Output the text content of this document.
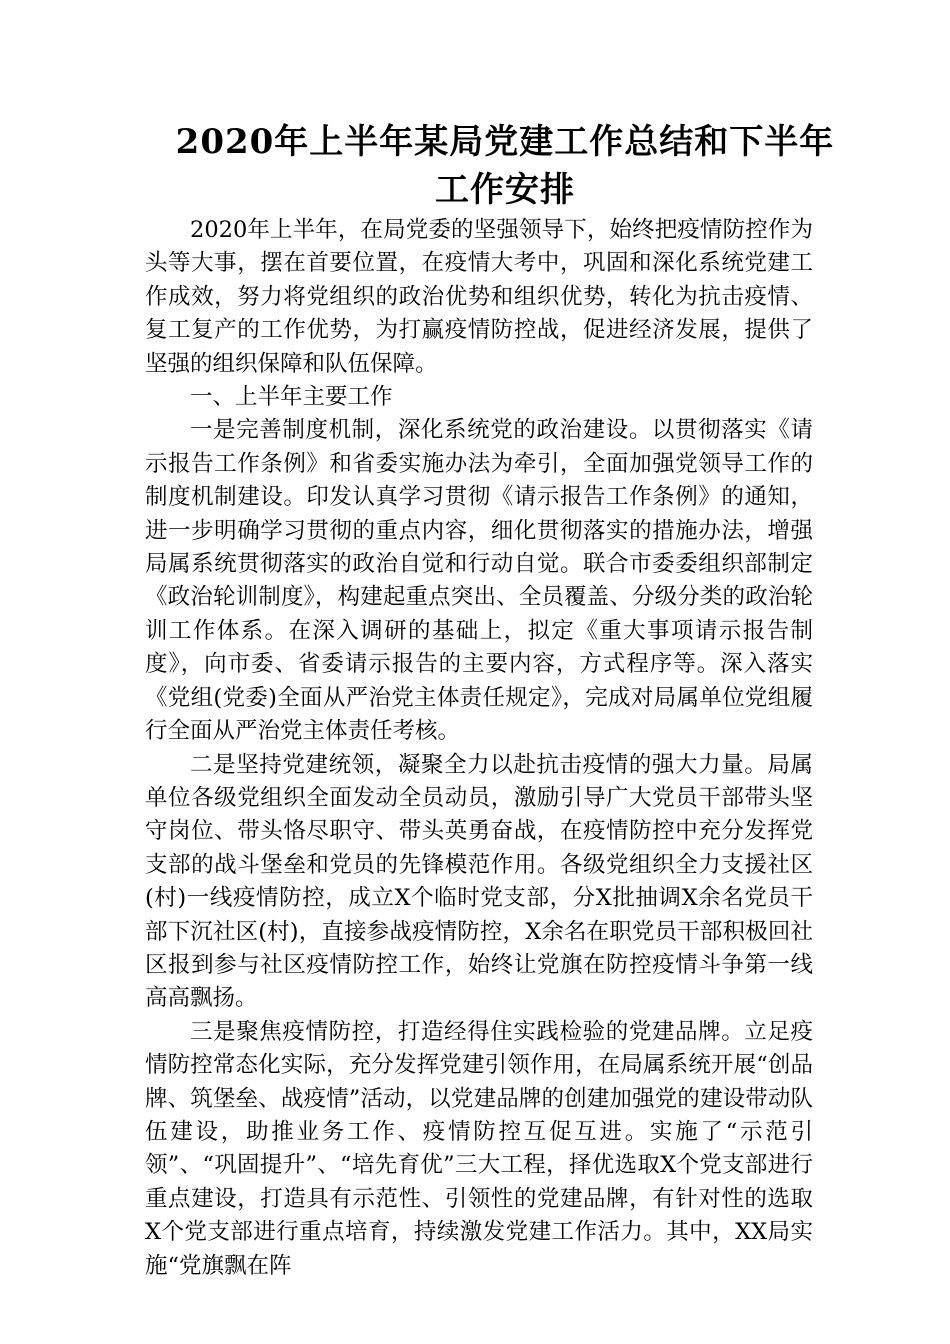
2020年上半年某局党建工作总结和下半年
工作安排

2020年上半年，在局党委的坚强领导下，始终把疫情防控作为头等大事，摆在首要位置，在疫情大考中，巩固和深化系统党建工作成效，努力将党组织的政治优势和组织优势，转化为抗击疫情、复工复产的工作优势，为打赢疫情防控战，促进经济发展，提供了坚强的组织保障和队伍保障。

一、上半年主要工作

一是完善制度机制，深化系统党的政治建设。以贯彻落实《请示报告工作条例》和省委实施办法为牵引，全面加强党领导工作的制度机制建设。印发认真学习贯彻《请示报告工作条例》的通知，进一步明确学习贯彻的重点内容，细化贯彻落实的措施办法，增强局属系统贯彻落实的政治自觉和行动自觉。联合市委委组织部制定《政治轮训制度》，构建起重点突出、全员覆盖、分级分类的政治轮训工作体系。在深入调研的基础上，拟定《重大事项请示报告制度》，向市委、省委请示报告的主要内容，方式程序等。深入落实《党组(党委)全面从严治党主体责任规定》，完成对局属单位党组履行全面从严治党主体责任考核。

二是坚持党建统领，凝聚全力以赴抗击疫情的强大力量。局属单位各级党组织全面发动全员动员，激励引导广大党员干部带头坚守岗位、带头恪尽职守、带头英勇奋战，在疫情防控中充分发挥党支部的战斗堡垒和党员的先锋模范作用。各级党组织全力支援社区(村)一线疫情防控，成立X个临时党支部，分X批抽调X余名党员干部下沉社区(村)，直接参战疫情防控，X余名在职党员干部积极回社区报到参与社区疫情防控工作，始终让党旗在防控疫情斗争第一线高高飘扬。

三是聚焦疫情防控，打造经得住实践检验的党建品牌。立足疫情防控常态化实际，充分发挥党建引领作用，在局属系统开展“创品牌、筑堡垒、战疫情”活动，以党建品牌的创建加强党的建设带动队伍建设，助推业务工作、疫情防控互促互进。实施了“示范引领”、“巩固提升”、“培先育优”三大工程，择优选取X个党支部进行重点建设，打造具有示范性、引领性的党建品牌，有针对性的选取X个党支部进行重点培育，持续激发党建工作活力。其中，XX局实施“党旗飘在阵
